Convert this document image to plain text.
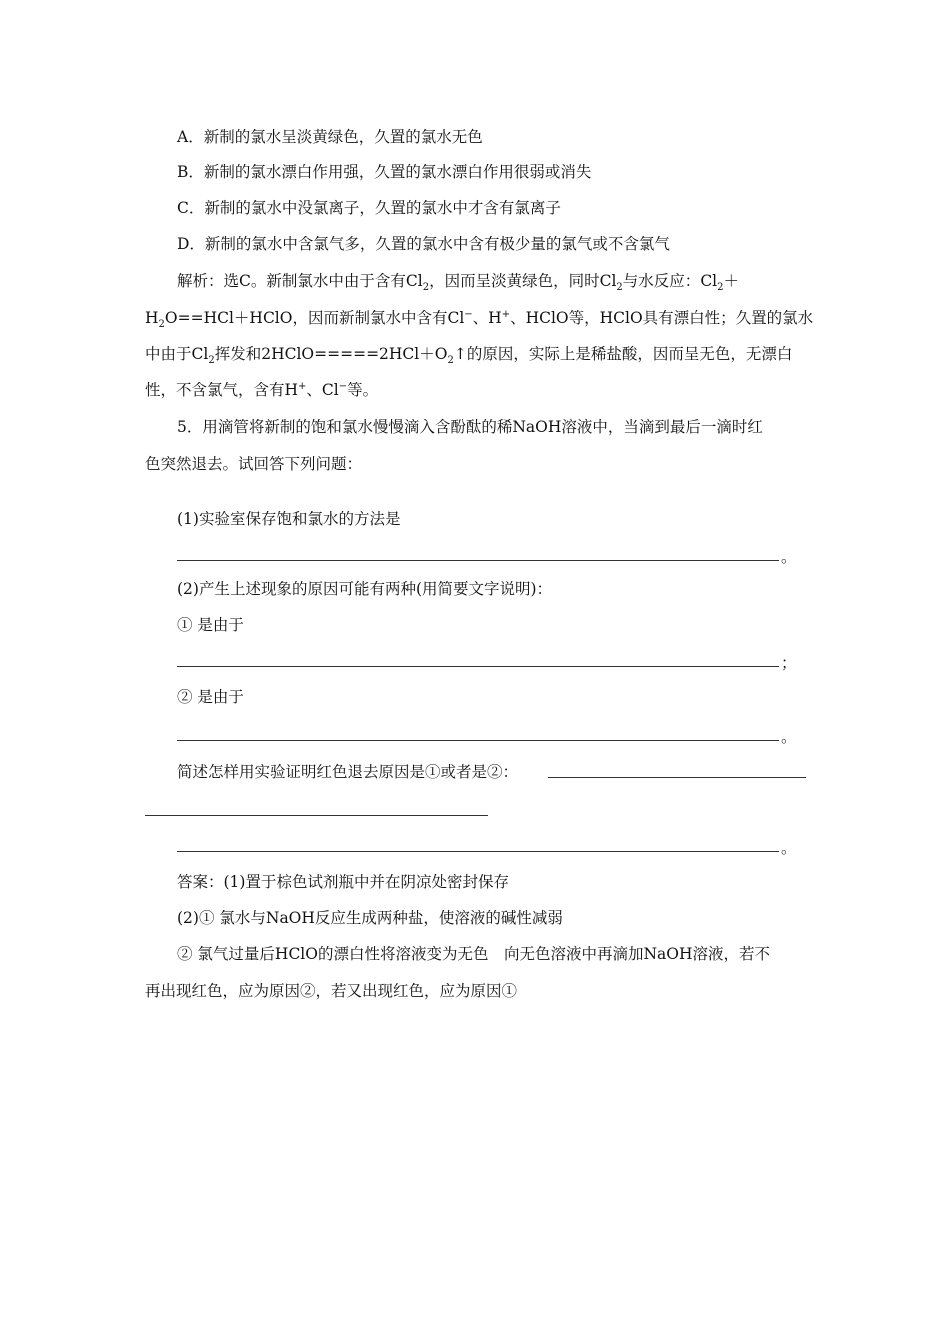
A．新制的氯水呈淡黄绿色，久置的氯水无色
B．新制的氯水漂白作用强，久置的氯水漂白作用很弱或消失
C．新制的氯水中没氯离子，久置的氯水中才含有氯离子
D．新制的氯水中含氯气多，久置的氯水中含有极少量的氯气或不含氯气
解析：选C。新制氯水中由于含有$Cl_2$，因而呈淡黄绿色，同时$Cl_2$与水反应：$Cl_2+$
$H_2O==HCl+HClO$，因而新制氯水中含有Cl−、H+、HClO等，HClO具有漂白性；久置的氯水
中由于$Cl_2$挥发和$2HClO=====2HCl+O_2↑$的原因，实际上是稀盐酸，因而呈无色，无漂白
性，不含氯气，含有H+、Cl−等。
5．用滴管将新制的饱和氯水慢慢滴入含酚酞的稀NaOH溶液中，当滴到最后一滴时红
色突然退去。试回答下列问题：
(1)实验室保存饱和氯水的方法是
。
(2)产生上述现象的原因可能有两种(用简要文字说明)：
① 是由于
；
② 是由于
。
简述怎样用实验证明红色退去原因是①或者是②：
。
答案：(1)置于棕色试剂瓶中并在阴凉处密封保存
(2)① 氯水与NaOH反应生成两种盐，使溶液的碱性减弱
② 氯气过量后HClO的漂白性将溶液变为无色　向无色溶液中再滴加NaOH溶液，若不
再出现红色，应为原因②，若又出现红色，应为原因①
